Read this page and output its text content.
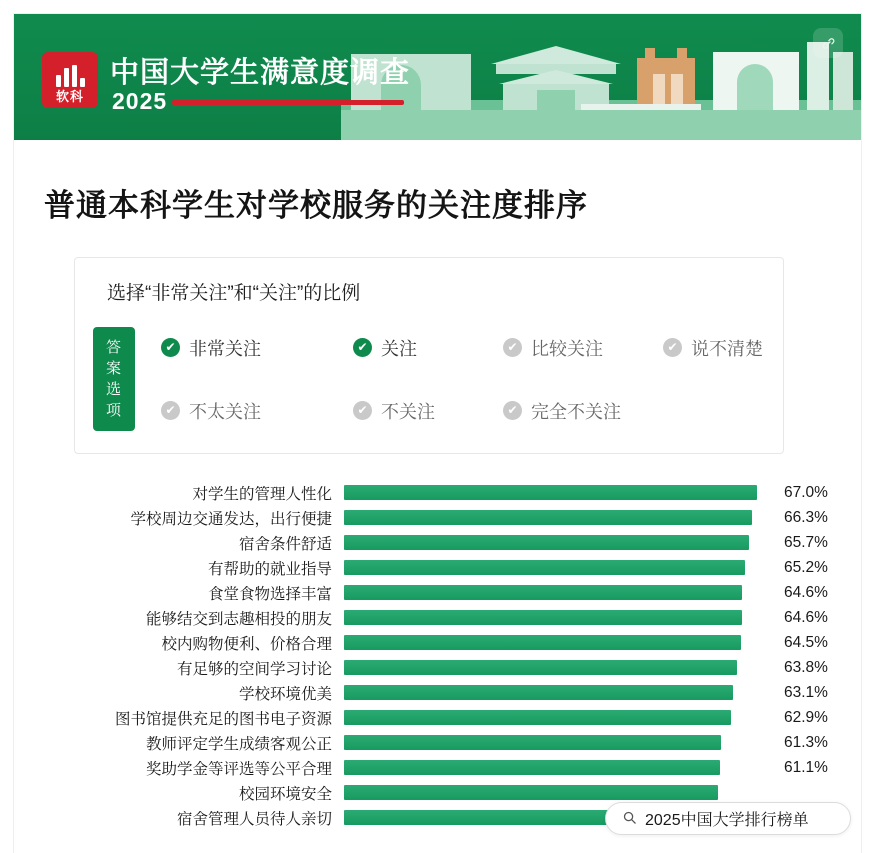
软科
中国大学生满意度调查
2025
普通本科学生对学校服务的关注度排序
选择“非常关注”和“关注”的比例
答
案
选
项
✔ 非常关注	✔ 关注	✔ 比较关注	✔ 说不清楚
✔ 不太关注	✔ 不关注	✔ 完全不关注
对学生的管理人性化	67.0%
学校周边交通发达，出行便捷	66.3%
宿舍条件舒适	65.7%
有帮助的就业指导	65.2%
食堂食物选择丰富	64.6%
能够结交到志趣相投的朋友	64.6%
校内购物便利、价格合理	64.5%
有足够的空间学习讨论	63.8%
学校环境优美	63.1%
图书馆提供充足的图书电子资源	62.9%
教师评定学生成绩客观公正	61.3%
奖助学金等评选等公平合理	61.1%
校园环境安全
宿舍管理人员待人亲切	2025中国大学排行榜单
